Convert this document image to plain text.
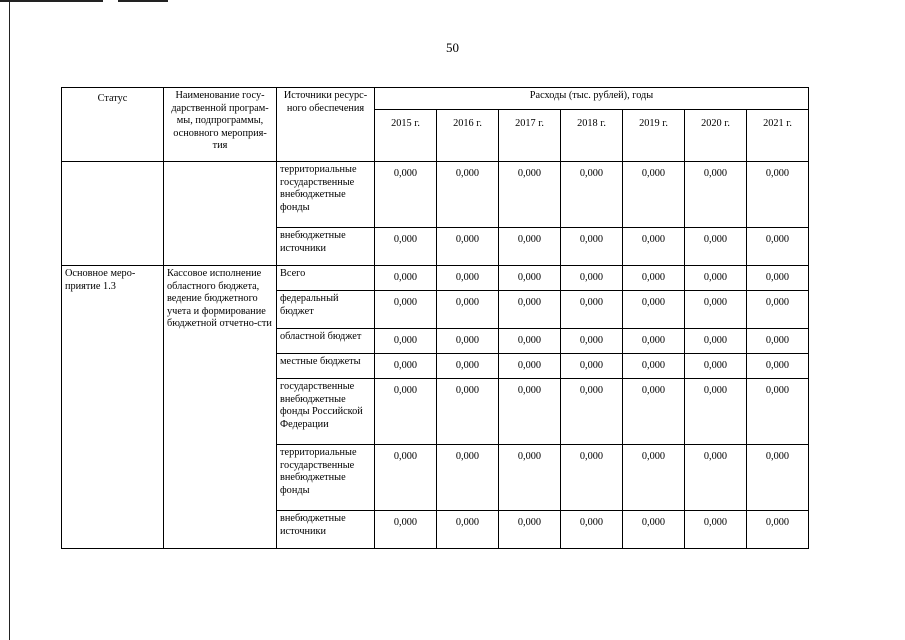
50
Статус	Наименование госу-дарственной програм-мы, подпрограммы, основного мероприя-тия	Источники ресурс-ного обеспечения	Расходы (тыс. рублей), годы						
			2015 г.	2016 г.	2017 г.	2018 г.	2019 г.	2020 г.	2021 г.
		территориальные государственные внебюджетные фонды	0,000	0,000	0,000	0,000	0,000	0,000	0,000
		внебюджетные источники	0,000	0,000	0,000	0,000	0,000	0,000	0,000
Основное меро-приятие 1.3	Кассовое исполнение областного бюджета, ведение бюджетного учета и формирование бюджетной отчетно-сти	Всего	0,000	0,000	0,000	0,000	0,000	0,000	0,000
		федеральный бюджет	0,000	0,000	0,000	0,000	0,000	0,000	0,000
		областной бюджет	0,000	0,000	0,000	0,000	0,000	0,000	0,000
		местные бюджеты	0,000	0,000	0,000	0,000	0,000	0,000	0,000
		государственные внебюджетные фонды Российской Федерации	0,000	0,000	0,000	0,000	0,000	0,000	0,000
		территориальные государственные внебюджетные фонды	0,000	0,000	0,000	0,000	0,000	0,000	0,000
		внебюджетные источники	0,000	0,000	0,000	0,000	0,000	0,000	0,000
